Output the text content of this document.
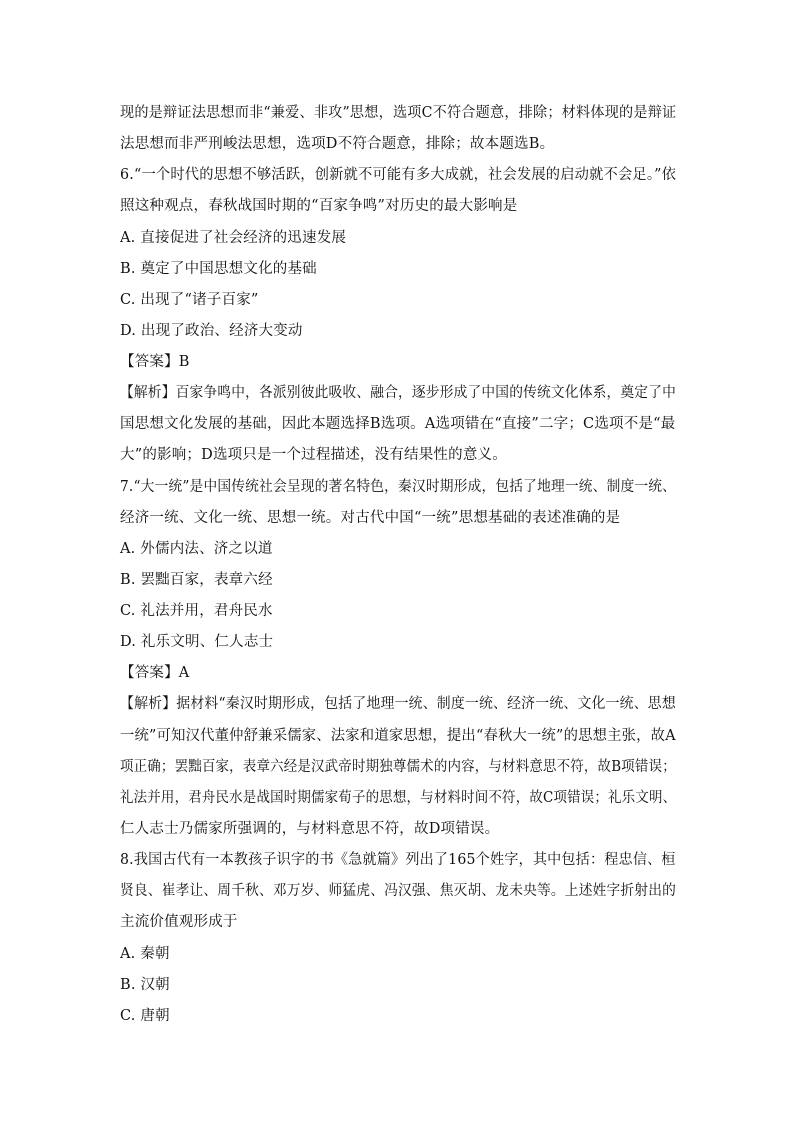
现的是辩证法思想而非“兼爱、非攻”思想，选项C不符合题意，排除；材料体现的是辩证
法思想而非严刑峻法思想，选项D不符合题意，排除；故本题选B。
6.“一个时代的思想不够活跃，创新就不可能有多大成就，社会发展的启动就不会足。”依
照这种观点，春秋战国时期的“百家争鸣”对历史的最大影响是
A. 直接促进了社会经济的迅速发展
B. 奠定了中国思想文化的基础
C. 出现了“诸子百家”
D. 出现了政治、经济大变动
【答案】B
【解析】百家争鸣中，各派别彼此吸收、融合，逐步形成了中国的传统文化体系，奠定了中
国思想文化发展的基础，因此本题选择B选项。A选项错在“直接”二字；C选项不是“最
大”的影响；D选项只是一个过程描述，没有结果性的意义。
7.“大一统”是中国传统社会呈现的著名特色，秦汉时期形成，包括了地理一统、制度一统、
经济一统、文化一统、思想一统。对古代中国“一统”思想基础的表述准确的是
A. 外儒内法、济之以道
B. 罢黜百家，表章六经
C. 礼法并用，君舟民水
D. 礼乐文明、仁人志士
【答案】A
【解析】据材料“秦汉时期形成，包括了地理一统、制度一统、经济一统、文化一统、思想
一统”可知汉代董仲舒兼采儒家、法家和道家思想，提出“春秋大一统”的思想主张，故A
项正确；罢黜百家，表章六经是汉武帝时期独尊儒术的内容，与材料意思不符，故B项错误；
礼法并用，君舟民水是战国时期儒家荀子的思想，与材料时间不符，故C项错误；礼乐文明、
仁人志士乃儒家所强调的，与材料意思不符，故D项错误。
8.我国古代有一本教孩子识字的书《急就篇》列出了165个姓字，其中包括：程忠信、桓
贤良、崔孝让、周千秋、邓万岁、师猛虎、冯汉强、焦灭胡、龙未央等。上述姓字折射出的
主流价值观形成于
A. 秦朝
B. 汉朝
C. 唐朝
